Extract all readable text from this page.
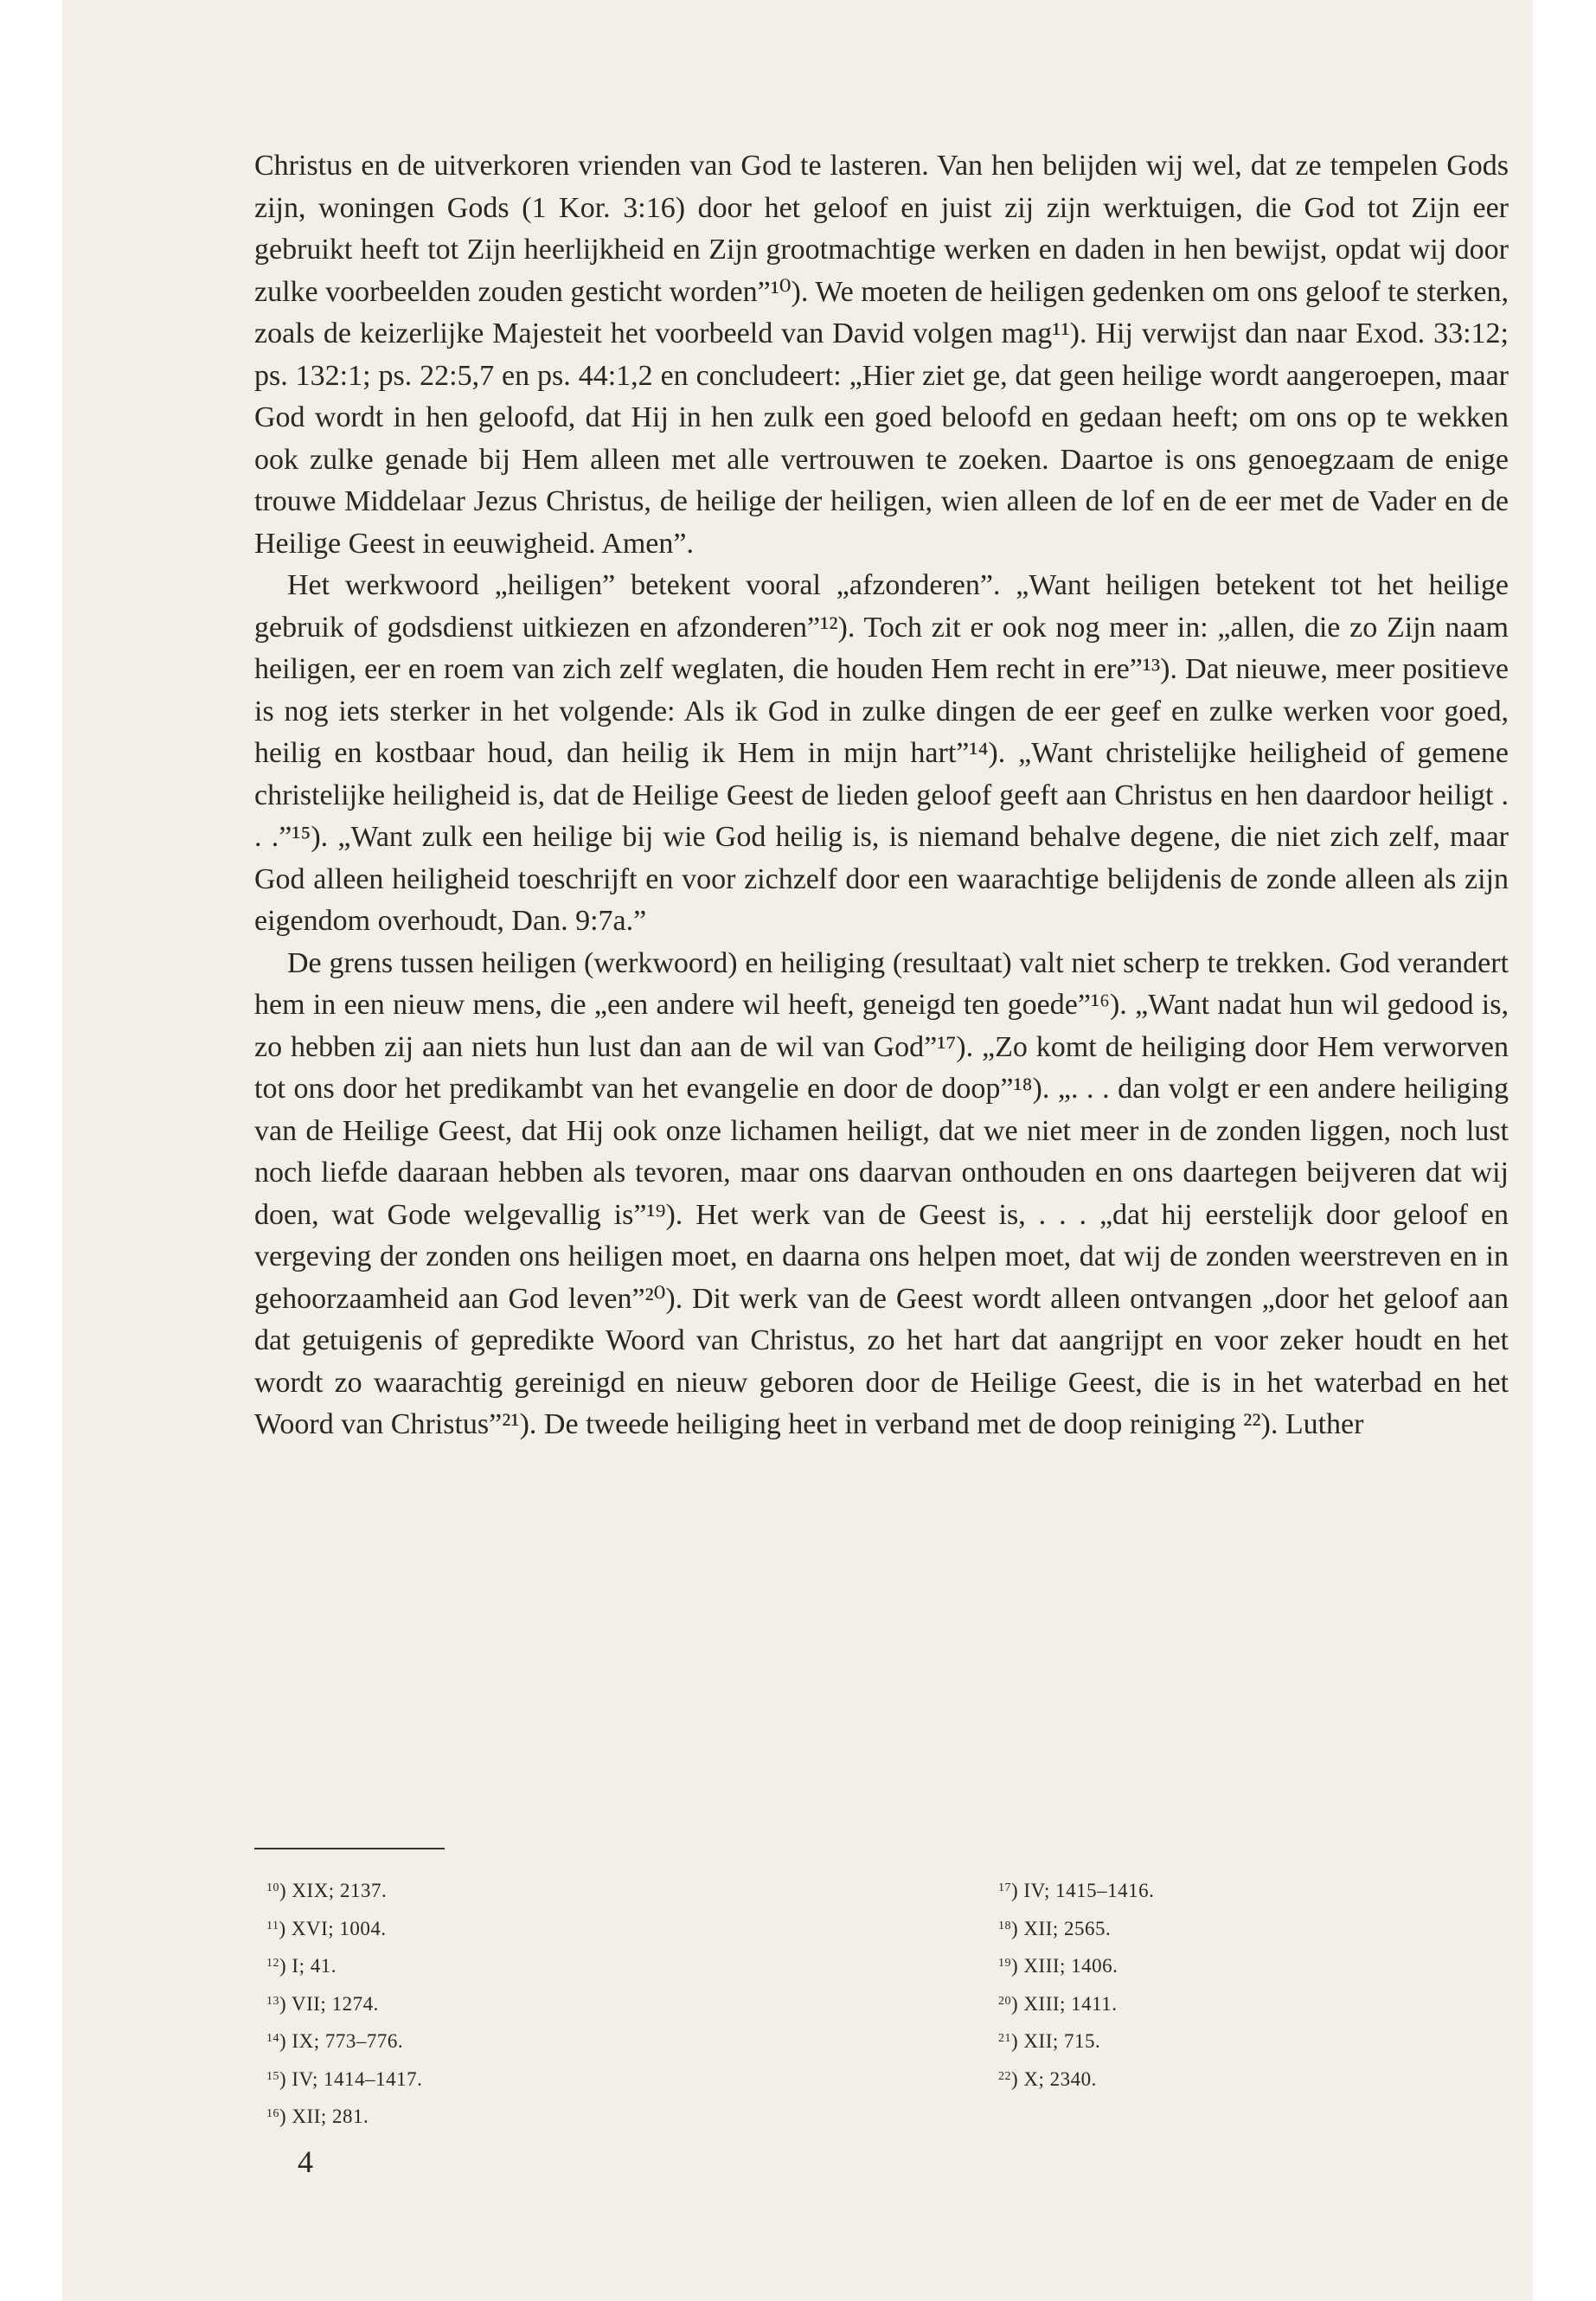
Christus en de uitverkoren vrienden van God te lasteren. Van hen belijden wij wel, dat ze tempelen Gods zijn, woningen Gods (1 Kor. 3:16) door het geloof en juist zij zijn werktuigen, die God tot Zijn eer gebruikt heeft tot Zijn heerlijkheid en Zijn grootmachtige werken en daden in hen bewijst, opdat wij door zulke voorbeelden zouden gesticht worden”¹⁰). We moeten de heiligen gedenken om ons geloof te sterken, zoals de keizerlijke Majesteit het voorbeeld van David volgen mag¹¹). Hij verwijst dan naar Exod. 33:12; ps. 132:1; ps. 22:5,7 en ps. 44:1,2 en concludeert: „Hier ziet ge, dat geen heilige wordt aangeroepen, maar God wordt in hen geloofd, dat Hij in hen zulk een goed beloofd en gedaan heeft; om ons op te wekken ook zulke genade bij Hem alleen met alle vertrouwen te zoeken. Daartoe is ons genoegzaam de enige trouwe Middelaar Jezus Christus, de heilige der heiligen, wien alleen de lof en de eer met de Vader en de Heilige Geest in eeuwigheid. Amen”.

Het werkwoord „heiligen” betekent vooral „afzonderen”. „Want heiligen betekent tot het heilige gebruik of godsdienst uitkiezen en afzonderen”¹²). Toch zit er ook nog meer in: „allen, die zo Zijn naam heiligen, eer en roem van zich zelf weglaten, die houden Hem recht in ere”¹³). Dat nieuwe, meer positieve is nog iets sterker in het volgende: Als ik God in zulke dingen de eer geef en zulke werken voor goed, heilig en kostbaar houd, dan heilig ik Hem in mijn hart”¹⁴). „Want christelijke heiligheid of gemene christelijke heiligheid is, dat de Heilige Geest de lieden geloof geeft aan Christus en hen daardoor heiligt . . .”¹⁵). „Want zulk een heilige bij wie God heilig is, is niemand behalve degene, die niet zich zelf, maar God alleen heiligheid toeschrijft en voor zichzelf door een waarachtige belijdenis de zonde alleen als zijn eigendom overhoudt, Dan. 9:7a.”

De grens tussen heiligen (werkwoord) en heiliging (resultaat) valt niet scherp te trekken. God verandert hem in een nieuw mens, die „een andere wil heeft, geneigd ten goede”¹⁶). „Want nadat hun wil gedood is, zo hebben zij aan niets hun lust dan aan de wil van God”¹⁷). „Zo komt de heiliging door Hem verworven tot ons door het predikambt van het evangelie en door de doop”¹⁸). „. . . dan volgt er een andere heiliging van de Heilige Geest, dat Hij ook onze lichamen heiligt, dat we niet meer in de zonden liggen, noch lust noch liefde daaraan hebben als tevoren, maar ons daarvan onthouden en ons daartegen beijveren dat wij doen, wat Gode welgevallig is”¹⁹). Het werk van de Geest is, . . . „dat hij eerstelijk door geloof en vergeving der zonden ons heiligen moet, en daarna ons helpen moet, dat wij de zonden weerstreven en in gehoorzaamheid aan God leven”²⁰). Dit werk van de Geest wordt alleen ontvangen „door het geloof aan dat getuigenis of gepredikte Woord van Christus, zo het hart dat aangrijpt en voor zeker houdt en het wordt zo waarachtig gereinigd en nieuw geboren door de Heilige Geest, die is in het waterbad en het Woord van Christus”²¹). De tweede heiliging heet in verband met de doop reiniging ²²). Luther

$^{10}$) XIX; 2137.
$^{11}$) XVI; 1004.
$^{12}$) I; 41.
$^{13}$) VII; 1274.
$^{14}$) IX; 773–776.
$^{15}$) IV; 1414–1417.
$^{16}$) XII; 281.
$^{17}$) IV; 1415–1416.
$^{18}$) XII; 2565.
$^{19}$) XIII; 1406.
$^{20}$) XIII; 1411.
$^{21}$) XII; 715.
$^{22}$) X; 2340.
4
